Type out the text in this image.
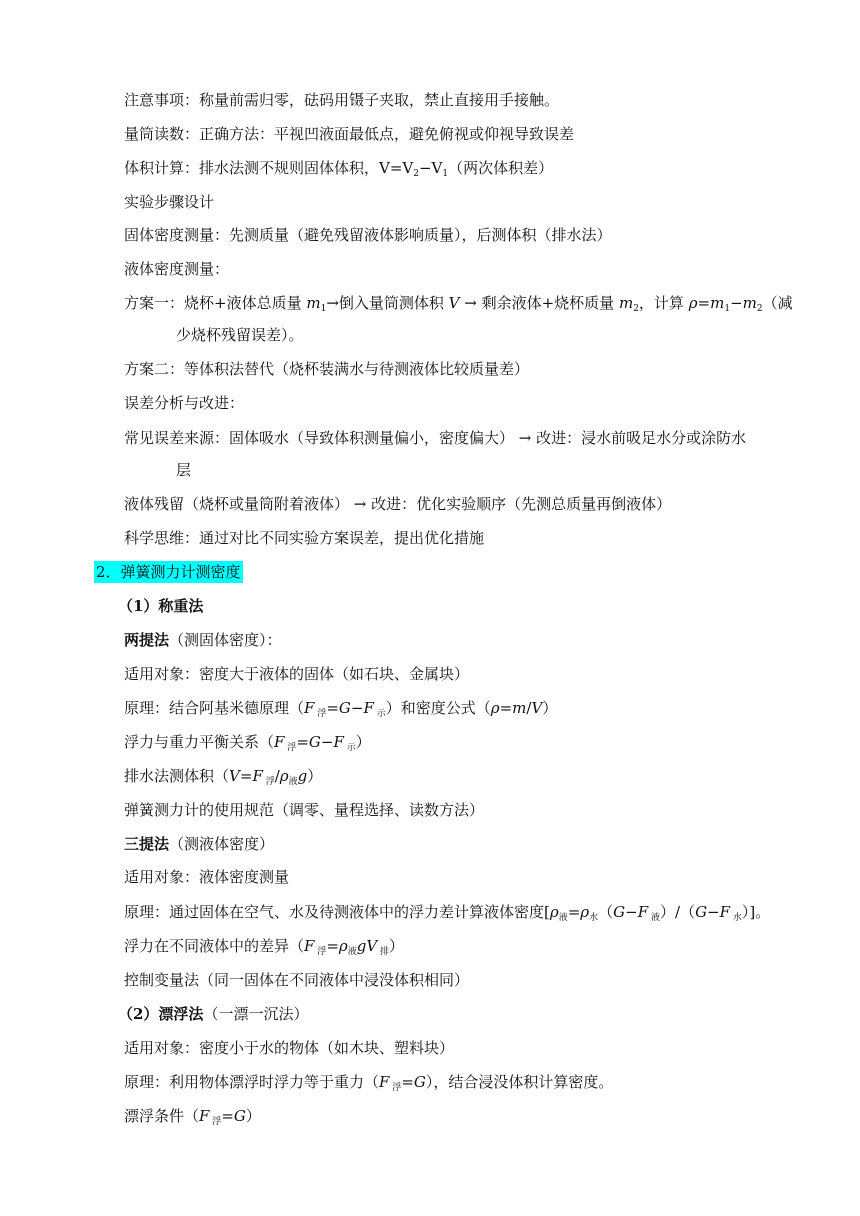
注意事项：称量前需归零，砝码用镊子夹取，禁止直接用手接触。
量筒读数：正确方法：平视凹液面最低点，避免俯视或仰视导致误差
体积计算：排水法测不规则固体体积，$V=V_2-V_1$（两次体积差）
实验步骤设计
固体密度测量：先测质量（避免残留液体影响质量），后测体积（排水法）
液体密度测量：
方案一：烧杯+液体总质量 $m_1\to$倒入量筒测体积 V → 剩余液体+烧杯质量 $m_2$，计算 $\rho=m_1-m_2$（减
少烧杯残留误差）。
方案二：等体积法替代（烧杯装满水与待测液体比较质量差）
误差分析与改进：
常见误差来源：固体吸水（导致体积测量偏小，密度偏大） → 改进：浸水前吸足水分或涂防水
层
液体残留（烧杯或量筒附着液体） → 改进：优化实验顺序（先测总质量再倒液体）
科学思维：通过对比不同实验方案误差，提出优化措施
2．弹簧测力计测密度
（1）称重法
两提法（测固体密度）：
适用对象：密度大于液体的固体（如石块、金属块）
原理：结合阿基米德原理（F $_浮$=G−F $_示$）和密度公式（ρ=m/V）
浮力与重力平衡关系（F $_浮$=G−F $_示$）
排水法测体积（V=F $_浮/\rho_液g$）
弹簧测力计的使用规范（调零、量程选择、读数方法）
三提法（测液体密度）
适用对象：液体密度测量
原理：通过固体在空气、水及待测液体中的浮力差计算液体密度[$\rho_液=\rho_水(G-F$ $_液$）/（G−F $_水$）]。
浮力在不同液体中的差异（F $_浮=\rho_液gV$ $_排$）
控制变量法（同一固体在不同液体中浸没体积相同）
（2）漂浮法（一漂一沉法）
适用对象：密度小于水的物体（如木块、塑料块）
原理：利用物体漂浮时浮力等于重力（F $_浮$=G），结合浸没体积计算密度。
漂浮条件（F $_浮$=G）
